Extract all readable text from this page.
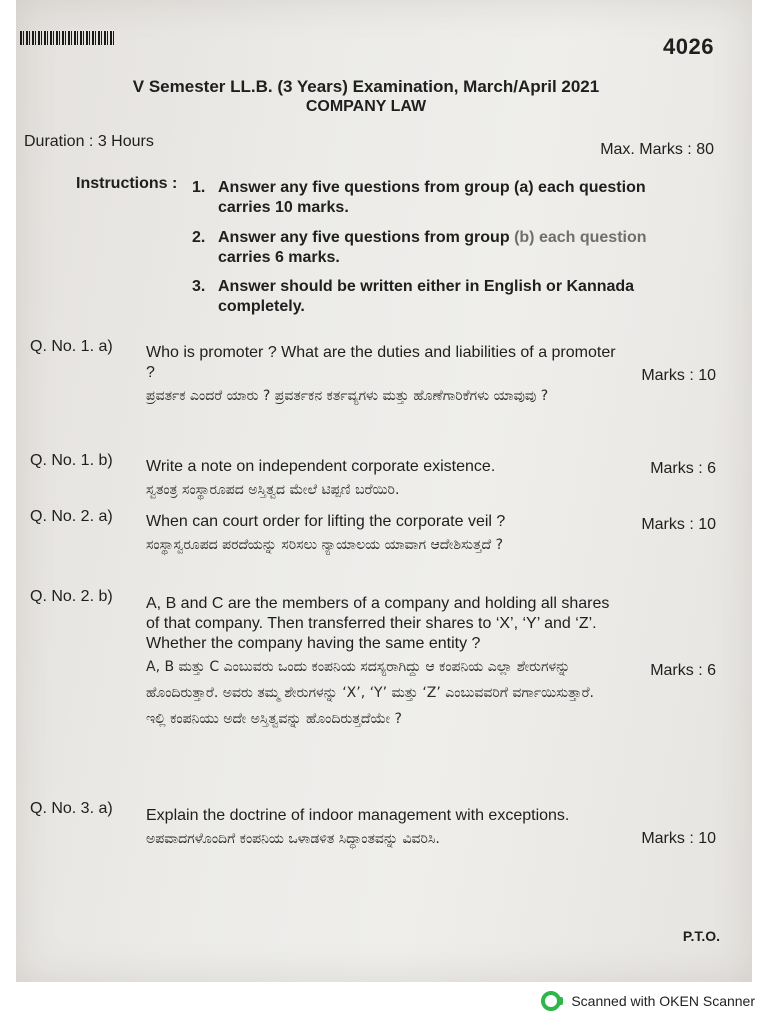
4026
V Semester LL.B. (3 Years) Examination, March/April 2021
COMPANY LAW
Duration : 3 Hours	Max. Marks : 80
Instructions : 1. Answer any five questions from group (a) each question carries 10 marks.
2. Answer any five questions from group (b) each question
carries 6 marks.
3. Answer should be written either in English or Kannada completely.
Q. No. 1. a) Who is promoter ? What are the duties and liabilities of a promoter ?
ಪ್ರವರ್ತಕ ಎಂದರೆ ಯಾರು ? ಪ್ರವರ್ತಕನ ಕರ್ತವ್ಯಗಳು ಮತ್ತು ಹೊಣೆಗಾರಿಕೆಗಳು ಯಾವುವು ?
Marks : 10
Q. No. 1. b) Write a note on independent corporate existence.
ಸ್ವತಂತ್ರ ಸಂಸ್ಥಾರೂಪದ ಅಸ್ತಿತ್ವದ ಮೇಲೆ ಟಿಪ್ಪಣಿ ಬರೆಯಿರಿ.
Marks : 6
Q. No. 2. a) When can court order for lifting the corporate veil ?
ಸಂಸ್ಥಾಸ್ವರೂಪದ ಪರದೆಯನ್ನು ಸರಿಸಲು ನ್ಯಾಯಾಲಯ ಯಾವಾಗ ಆದೇಶಿಸುತ್ತದೆ ?
Marks : 10
Q. No. 2. b) A, B and C are the members of a company and holding all shares of that company. Then transferred their shares to ‘X’, ‘Y’ and ‘Z’. Whether the company having the same entity ?
A, B ಮತ್ತು C ಎಂಬುವರು ಒಂದು ಕಂಪನಿಯ ಸದಸ್ಯರಾಗಿದ್ದು ಆ ಕಂಪನಿಯ ಎಲ್ಲಾ ಶೇರುಗಳನ್ನು ಹೊಂದಿರುತ್ತಾರೆ. ಅವರು ತಮ್ಮ ಶೇರುಗಳನ್ನು ‘X’, ‘Y’ ಮತ್ತು ‘Z’ ಎಂಬುವವರಿಗೆ ವರ್ಗಾಯಿಸುತ್ತಾರೆ. ಇಲ್ಲಿ ಕಂಪನಿಯು ಅದೇ ಅಸ್ತಿತ್ವವನ್ನು ಹೊಂದಿರುತ್ತದೆಯೇ ?
Marks : 6
Q. No. 3. a) Explain the doctrine of indoor management with exceptions.
ಅಪವಾದಗಳೊಂದಿಗೆ ಕಂಪನಿಯ ಒಳಾಡಳಿತ ಸಿದ್ಧಾಂತವನ್ನು ವಿವರಿಸಿ.	Marks : 10
P.T.O.
Scanned with OKEN Scanner
